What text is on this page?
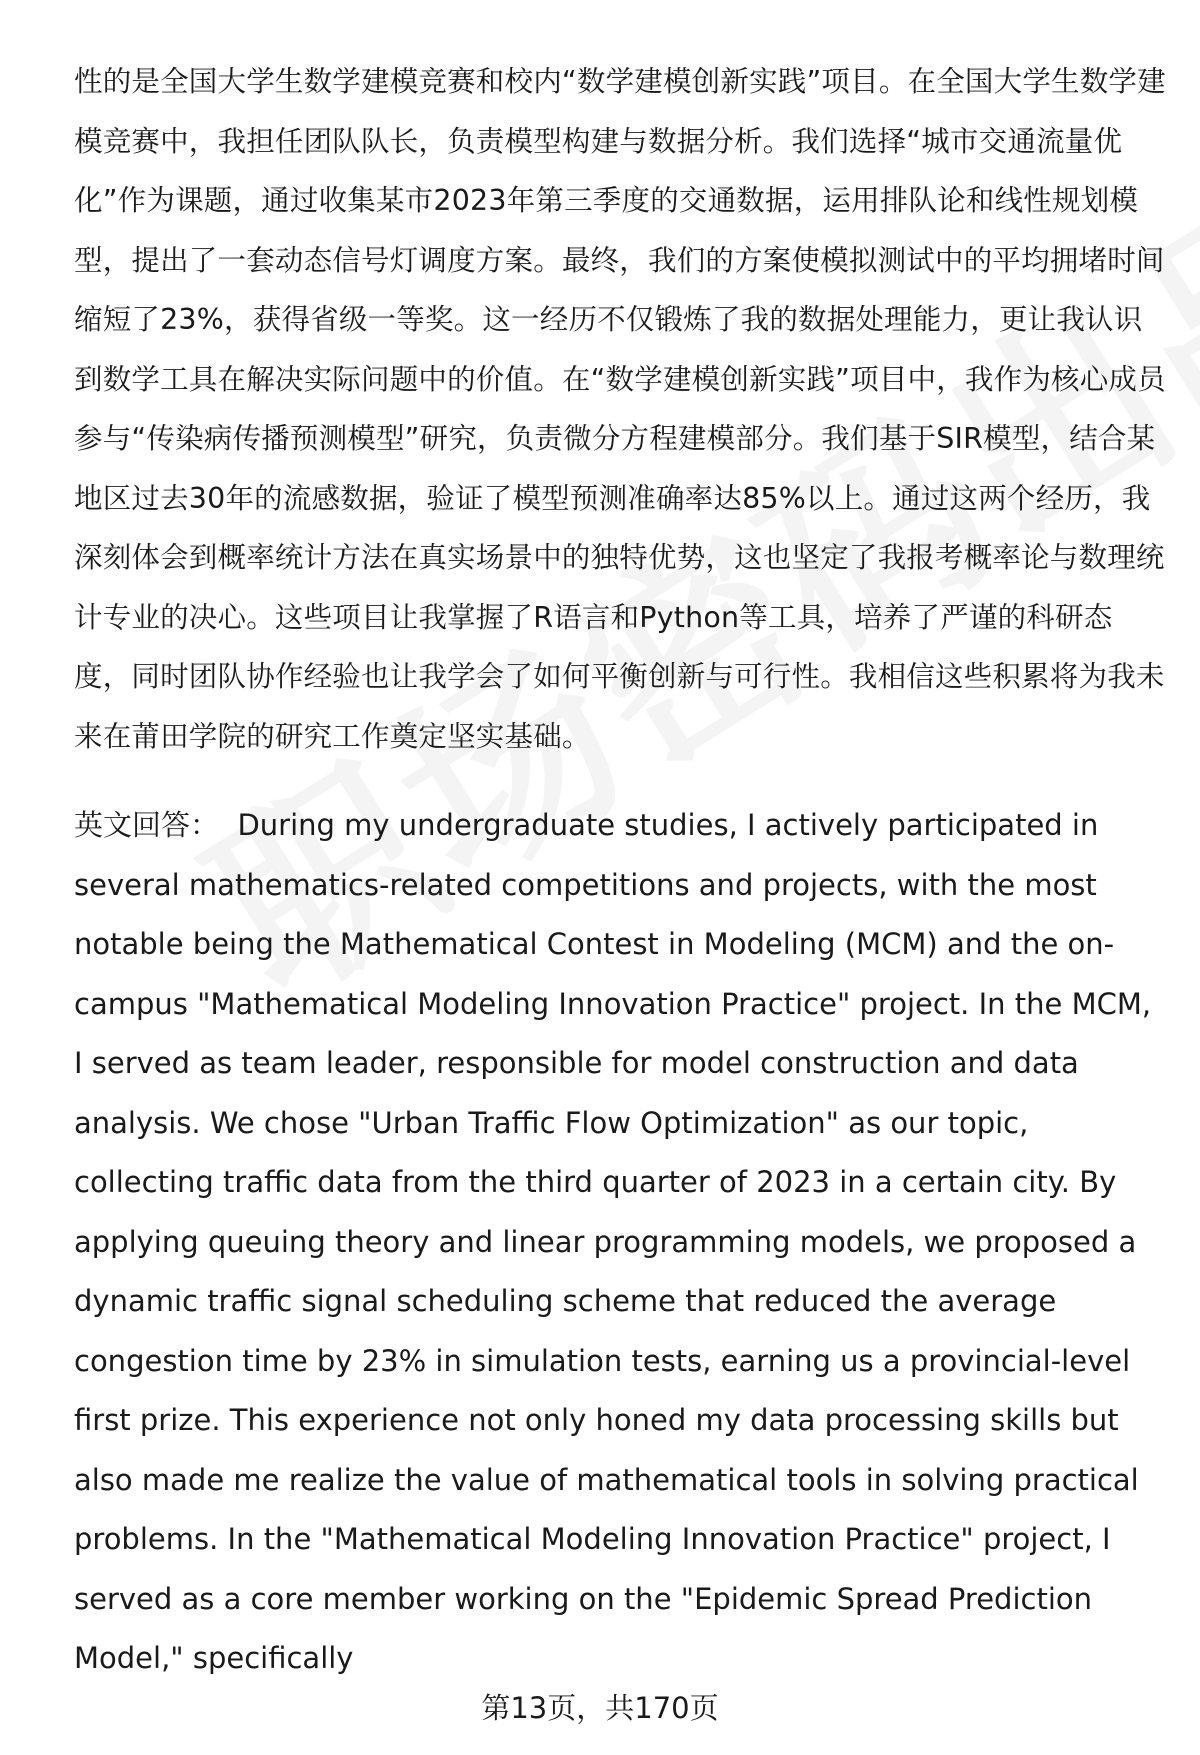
性的是全国大学生数学建模竞赛和校内“数学建模创新实践”项目。在全国大学生数学建模竞赛中，我担任团队队长，负责模型构建与数据分析。我们选择“城市交通流量优化”作为课题，通过收集某市2023年第三季度的交通数据，运用排队论和线性规划模型，提出了一套动态信号灯调度方案。最终，我们的方案使模拟测试中的平均拥堵时间缩短了23%，获得省级一等奖。这一经历不仅锻炼了我的数据处理能力，更让我认识到数学工具在解决实际问题中的价值。在“数学建模创新实践”项目中，我作为核心成员参与“传染病传播预测模型”研究，负责微分方程建模部分。我们基于SIR模型，结合某地区过去30年的流感数据，验证了模型预测准确率达85%以上。通过这两个经历，我深刻体会到概率统计方法在真实场景中的独特优势，这也坚定了我报考概率论与数理统计专业的决心。这些项目让我掌握了R语言和Python等工具，培养了严谨的科研态度，同时团队协作经验也让我学会了如何平衡创新与可行性。我相信这些积累将为我未来在莆田学院的研究工作奠定坚实基础。

英文回答： During my undergraduate studies, I actively participated in several mathematics-related competitions and projects, with the most notable being the Mathematical Contest in Modeling (MCM) and the on-campus "Mathematical Modeling Innovation Practice" project. In the MCM, I served as team leader, responsible for model construction and data analysis. We chose "Urban Traffic Flow Optimization" as our topic, collecting traffic data from the third quarter of 2023 in a certain city. By applying queuing theory and linear programming models, we proposed a dynamic traffic signal scheduling scheme that reduced the average congestion time by 23% in simulation tests, earning us a provincial-level first prize. This experience not only honed my data processing skills but also made me realize the value of mathematical tools in solving practical problems. In the "Mathematical Modeling Innovation Practice" project, I served as a core member working on the "Epidemic Spread Prediction Model," specifically

第13页，共170页
